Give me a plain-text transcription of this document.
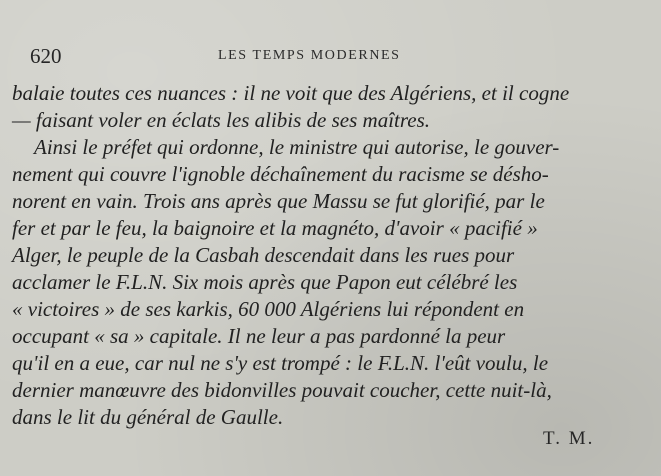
620	LES TEMPS MODERNES
balaie toutes ces nuances : il ne voit que des Algériens, et il cogne
— faisant voler en éclats les alibis de ses maîtres.
Ainsi le préfet qui ordonne, le ministre qui autorise, le gouver-
nement qui couvre l'ignoble déchaînement du racisme se désho-
norent en vain. Trois ans après que Massu se fut glorifié, par le
fer et par le feu, la baignoire et la magnéto, d'avoir « pacifié »
Alger, le peuple de la Casbah descendait dans les rues pour
acclamer le F.L.N. Six mois après que Papon eut célébré les
« victoires » de ses karkis, 60 000 Algériens lui répondent en
occupant « sa » capitale. Il ne leur a pas pardonné la peur
qu'il en a eue, car nul ne s'y est trompé : le F.L.N. l'eût voulu, le
dernier manœuvre des bidonvilles pouvait coucher, cette nuit-là,
dans le lit du général de Gaulle.
T. M.
